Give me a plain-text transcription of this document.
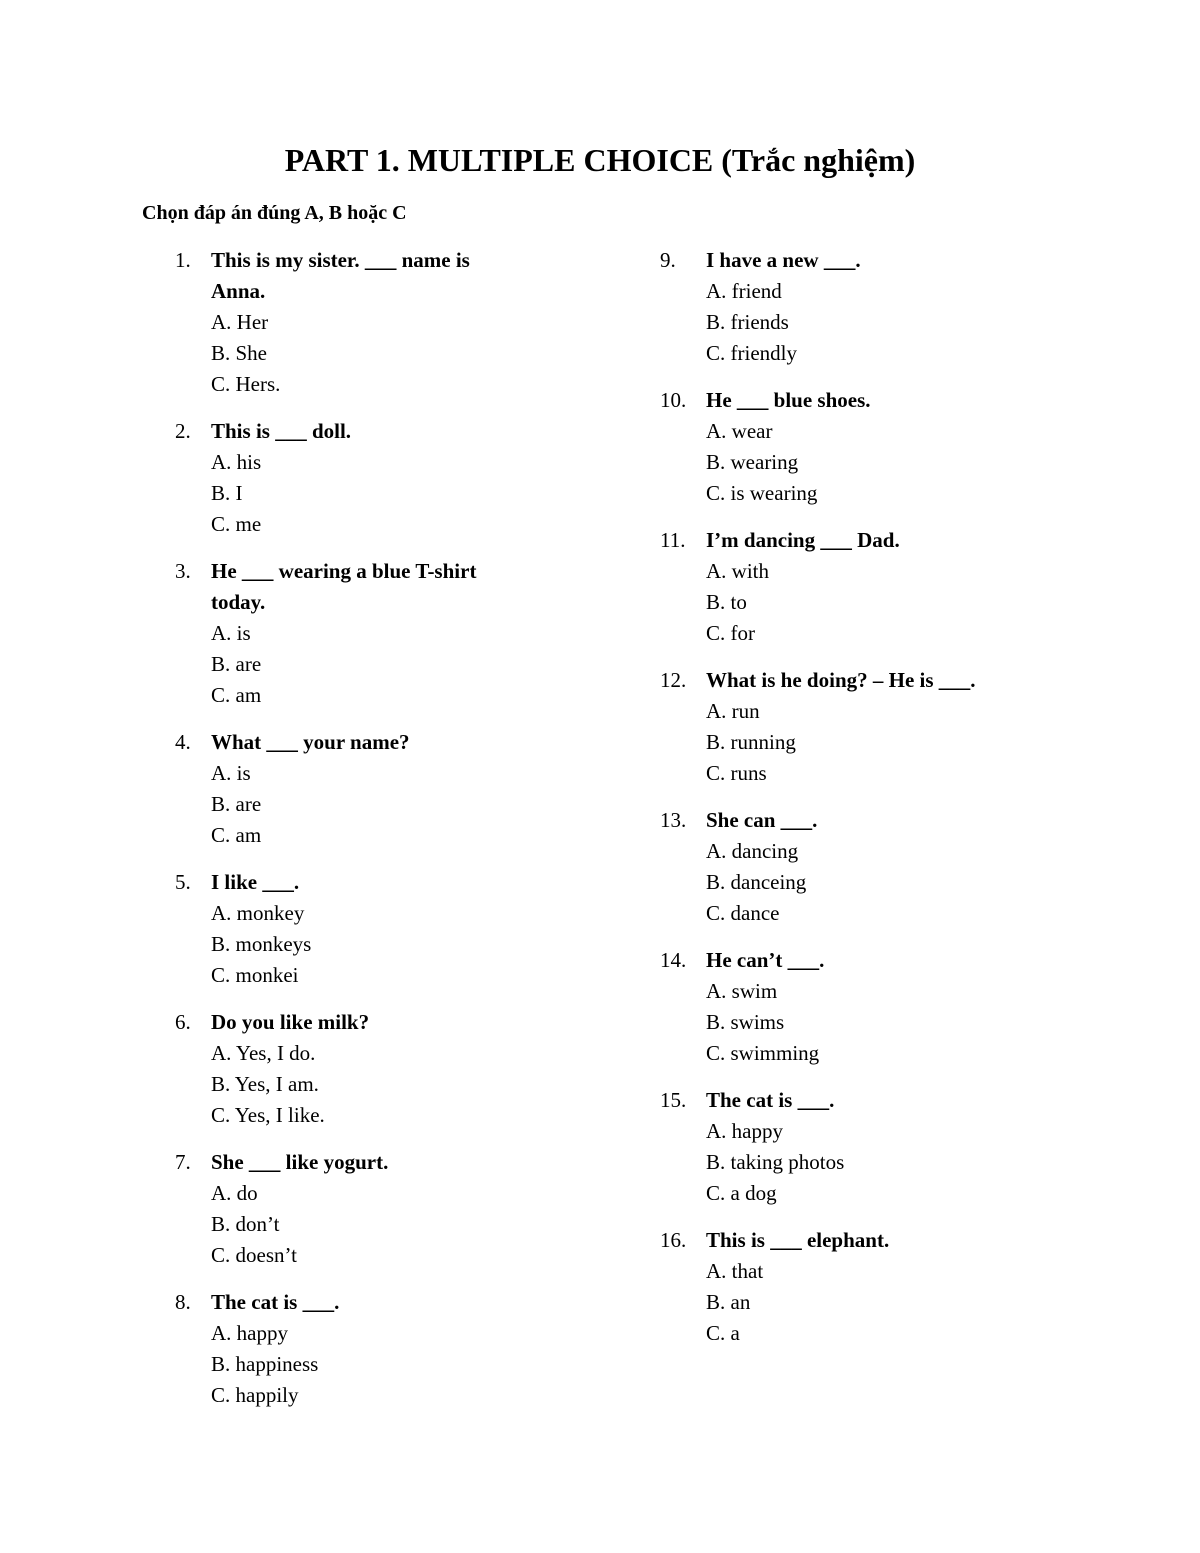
PART 1. MULTIPLE CHOICE (Trắc nghiệm)
Chọn đáp án đúng A, B hoặc C
1. This is my sister. ___ name is Anna.
A. Her
B. She
C. Hers.
2. This is ___ doll.
A. his
B. I
C. me
3. He ___ wearing a blue T-shirt today.
A. is
B. are
C. am
4. What ___ your name?
A. is
B. are
C. am
5. I like ___.
A. monkey
B. monkeys
C. monkei
6. Do you like milk?
A. Yes, I do.
B. Yes, I am.
C. Yes, I like.
7. She ___ like yogurt.
A. do
B. don’t
C. doesn’t
8. The cat is ___.
A. happy
B. happiness
C. happily
9.	I have a new ___.
A. friend
B. friends
C. friendly
10. He ___ blue shoes.
A. wear
B. wearing
C. is wearing
11. I’m dancing ___ Dad.
A. with
B. to
C. for
12. What is he doing? – He is ___.
A. run
B. running
C. runs
13. She can ___.
A. dancing
B. danceing
C. dance
14. He can’t ___.
A. swim
B. swims
C. swimming
15. The cat is ___.
A. happy
B. taking photos
C. a dog
16. This is ___ elephant.
A. that
B. an
C. a
